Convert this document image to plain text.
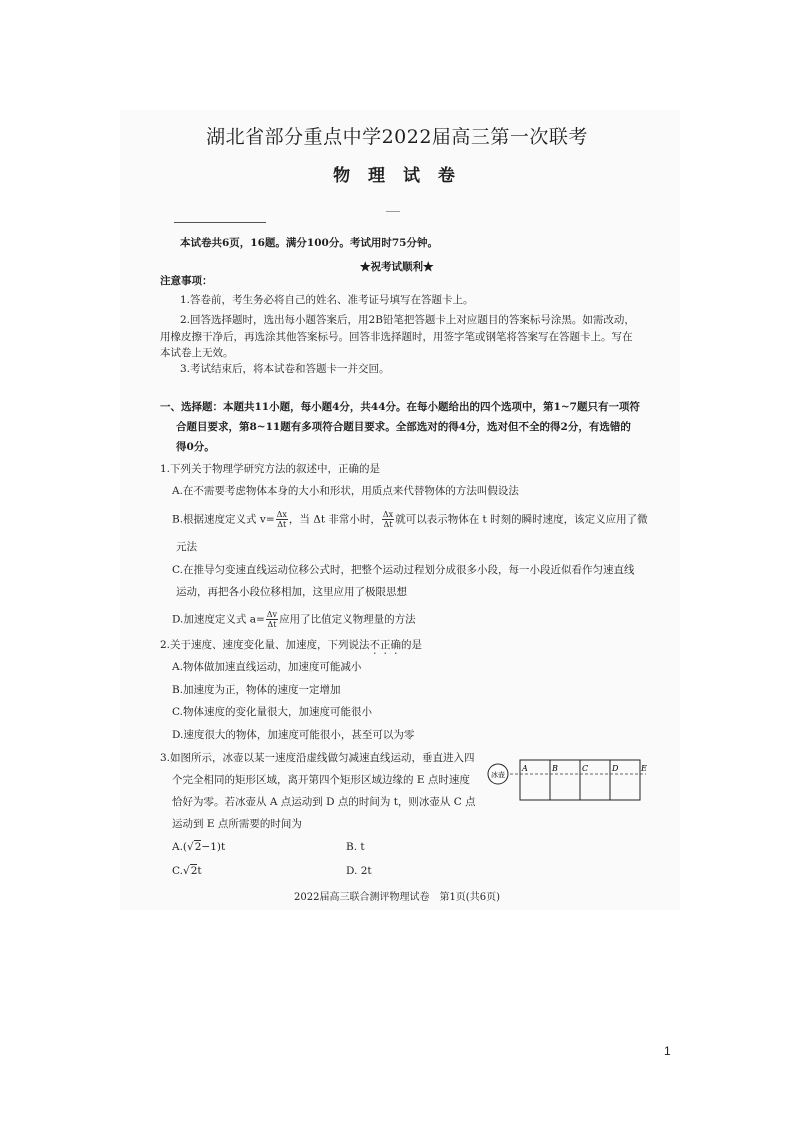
湖北省部分重点中学2022届高三第一次联考
物 理 试 卷
本试卷共6页，16题。满分100分。考试用时75分钟。
★祝考试顺利★
注意事项：
1.答卷前，考生务必将自己的姓名、准考证号填写在答题卡上。
2.回答选择题时，选出每小题答案后，用2B铅笔把答题卡上对应题目的答案标号涂黑。如需改动，
用橡皮擦干净后，再选涂其他答案标号。回答非选择题时，用签字笔或钢笔将答案写在答题卡上。写在
本试卷上无效。
3.考试结束后，将本试卷和答题卡一并交回。
一、选择题：本题共11小题，每小题4分，共44分。在每小题给出的四个选项中，第1~7题只有一项符
合题目要求，第8~11题有多项符合题目要求。全部选对的得4分，选对但不全的得2分，有选错的
得0分。
1.下列关于物理学研究方法的叙述中，正确的是
A.在不需要考虑物体本身的大小和形状，用质点来代替物体的方法叫假设法
B.根据速度定义式 $v= \frac{\Delta x}{\Delta t}$ ，当 Δt 非常小时， $\frac{\Delta x}{\Delta t}$ 就可以表示物体在 t 时刻的瞬时速度，该定义应用了微
元法
C.在推导匀变速直线运动位移公式时，把整个运动过程划分成很多小段，每一小段近似看作匀速直线
运动，再把各小段位移相加，这里应用了极限思想
D.加速度定义式 $a= \frac{\Delta v}{\Delta t}$ 应用了比值定义物理量的方法
2.关于速度、速度变化量、加速度，下列说法不正确的是
A.物体做加速直线运动，加速度可能减小
B.加速度为正，物体的速度一定增加
C.物体速度的变化量很大，加速度可能很小
D.速度很大的物体，加速度可能很小，甚至可以为零
3.如图所示，冰壶以某一速度沿虚线做匀减速直线运动，垂直进入四
个完全相同的矩形区域，离开第四个矩形区域边缘的 E 点时速度
恰好为零。若冰壶从 A 点运动到 D 点的时间为 t，则冰壶从 C 点
运动到 E 点所需要的时间为
A.(√2−1)t	B. t
C.√2t	D. 2t
冰壶
A	B	C	D	E
2022届高三联合测评物理试卷　第1页(共6页)
1
